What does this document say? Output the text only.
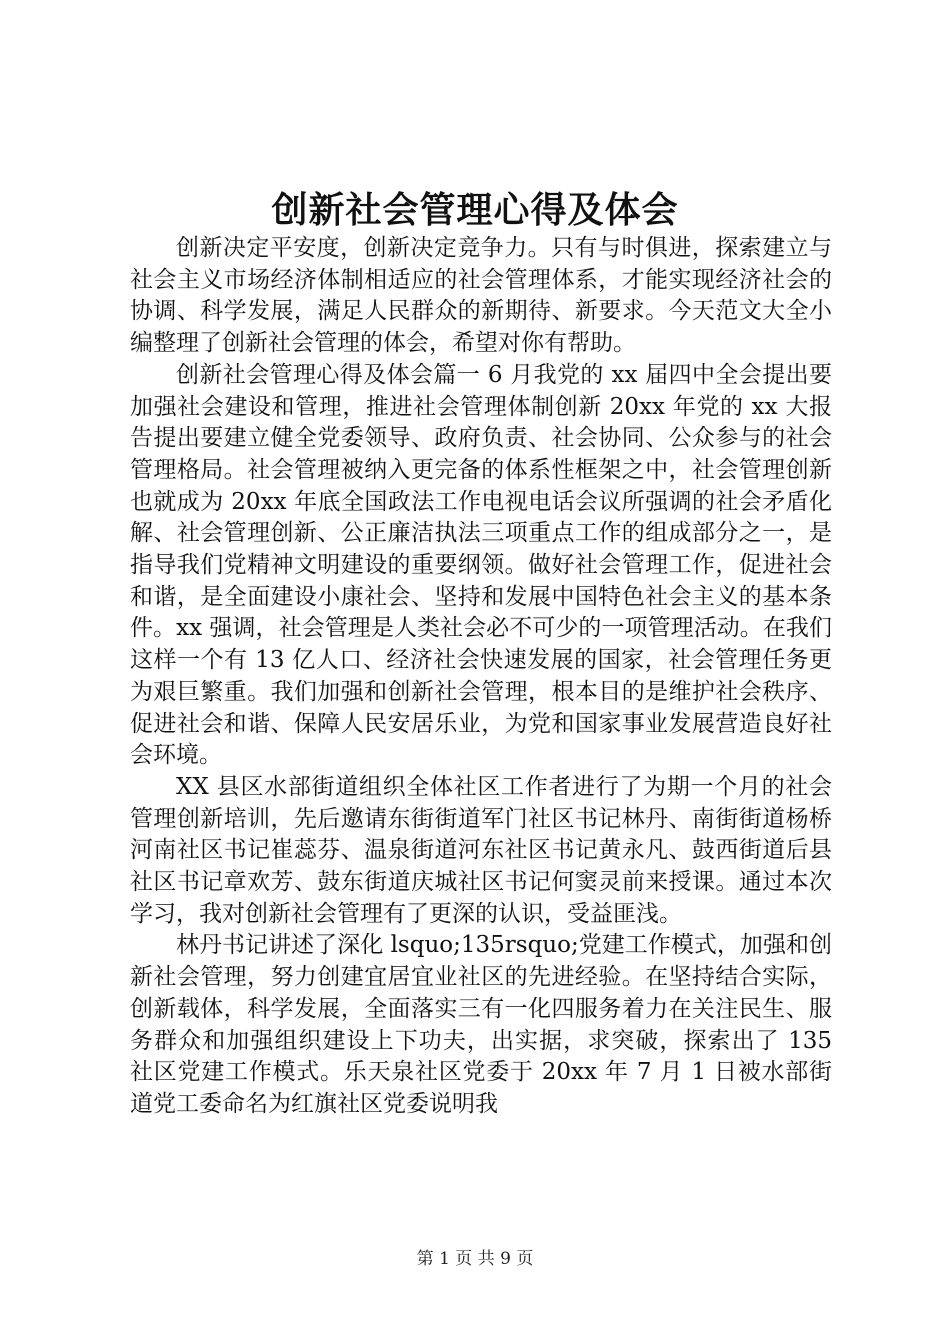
创新社会管理心得及体会

创新决定平安度，创新决定竞争力。只有与时俱进，探索建立与社会主义市场经济体制相适应的社会管理体系，才能实现经济社会的协调、科学发展，满足人民群众的新期待、新要求。今天范文大全小编整理了创新社会管理的体会，希望对你有帮助。

创新社会管理心得及体会篇一 6 月我党的 xx 届四中全会提出要加强社会建设和管理，推进社会管理体制创新 20xx 年党的 xx 大报告提出要建立健全党委领导、政府负责、社会协同、公众参与的社会管理格局。社会管理被纳入更完备的体系性框架之中，社会管理创新也就成为 20xx 年底全国政法工作电视电话会议所强调的社会矛盾化解、社会管理创新、公正廉洁执法三项重点工作的组成部分之一，是指导我们党精神文明建设的重要纲领。做好社会管理工作，促进社会和谐，是全面建设小康社会、坚持和发展中国特色社会主义的基本条件。xx 强调，社会管理是人类社会必不可少的一项管理活动。在我们这样一个有 13 亿人口、经济社会快速发展的国家，社会管理任务更为艰巨繁重。我们加强和创新社会管理，根本目的是维护社会秩序、促进社会和谐、保障人民安居乐业，为党和国家事业发展营造良好社会环境。

XX 县区水部街道组织全体社区工作者进行了为期一个月的社会管理创新培训，先后邀请东街街道军门社区书记林丹、南街街道杨桥河南社区书记崔蕊芬、温泉街道河东社区书记黄永凡、鼓西街道后县社区书记章欢芳、鼓东街道庆城社区书记何窦灵前来授课。通过本次学习，我对创新社会管理有了更深的认识，受益匪浅。

林丹书记讲述了深化 lsquo;135rsquo;党建工作模式，加强和创新社会管理，努力创建宜居宜业社区的先进经验。在坚持结合实际，创新载体，科学发展，全面落实三有一化四服务着力在关注民生、服务群众和加强组织建设上下功夫，出实据，求突破，探索出了 135 社区党建工作模式。乐天泉社区党委于 20xx 年 7 月 1 日被水部街道党工委命名为红旗社区党委说明我

第 1 页 共 9 页
